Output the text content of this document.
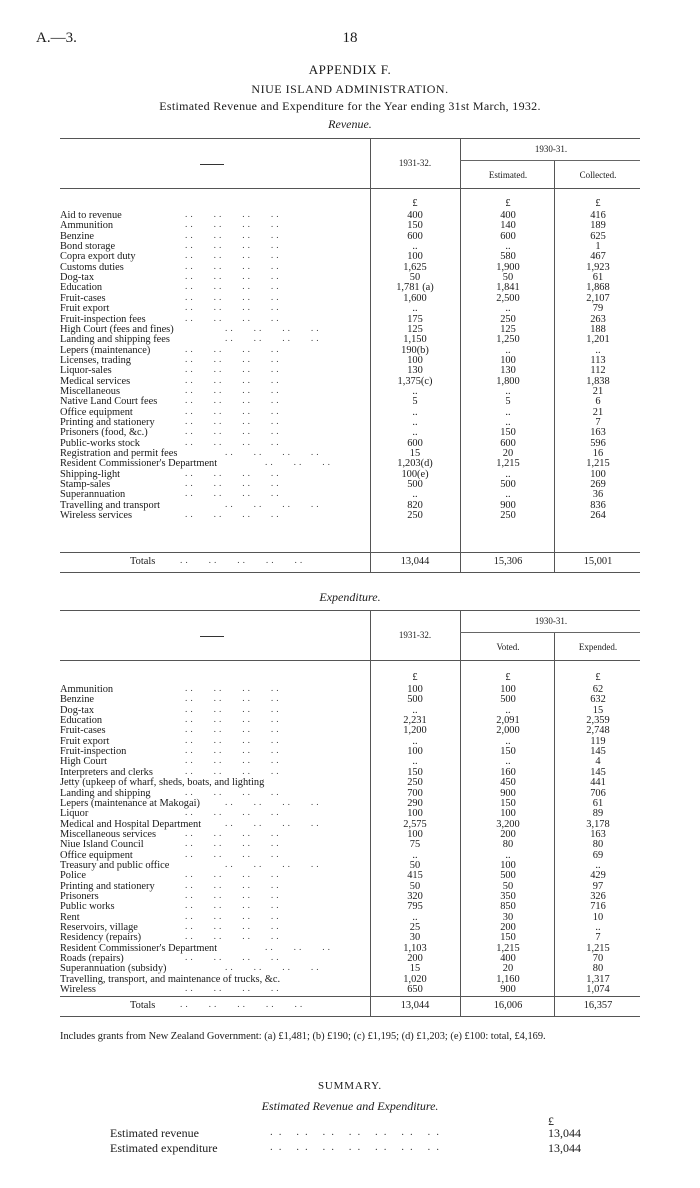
A.—3.	18
APPENDIX F.
NIUE ISLAND ADMINISTRATION.
Estimated Revenue and Expenditure for the Year ending 31st March, 1932.
Revenue.
1931-32.
1930-31.
Estimated.	Collected.
£	£	£
Aid to revenue	..  ..  ..  ..	400	400	416
Ammunition	..  ..  ..  ..	150	140	189
Benzine	..  ..  ..  ..	600	600	625
Bond storage	..  ..  ..  ..	..	..	1
Copra export duty	..  ..  ..  ..	100	580	467
Customs duties	..  ..  ..  ..	1,625	1,900	1,923
Dog-tax	..  ..  ..  ..	50	50	61
Education	..  ..  ..  ..	1,781 (a)	1,841	1,868
Fruit-cases	..  ..  ..  ..	1,600	2,500	2,107
Fruit export	..  ..  ..  ..	..	..	79
Fruit-inspection fees	..  ..  ..  ..	175	250	263
High Court (fees and fines)	..  ..  ..  ..	125	125	188
Landing and shipping fees	..  ..  ..  ..	1,150	1,250	1,201
Lepers (maintenance)	..  ..  ..  ..	190(b)	..	..
Licenses, trading	..  ..  ..  ..	100	100	113
Liquor-sales	..  ..  ..  ..	130	130	112
Medical services	..  ..  ..  ..	1,375(c)	1,800	1,838
Miscellaneous	..  ..  ..  ..	..	..	21
Native Land Court fees	..  ..  ..  ..	5	5	6
Office equipment	..  ..  ..  ..	..	..	21
Printing and stationery	..  ..  ..  ..	..	..	7
Prisoners (food, &c.)	..  ..  ..  ..	..	150	163
Public-works stock	..  ..  ..  ..	600	600	596
Registration and permit fees	..  ..  ..  ..	15	20	16
Resident Commissioner's Department	..  ..  ..	1,203(d)	1,215	1,215
Shipping-light	..  ..  ..  ..	100(e)	..	100
Stamp-sales	..  ..  ..  ..	500	500	269
Superannuation	..  ..  ..  ..	..	..	36
Travelling and transport	..  ..  ..  ..	820	900	836
Wireless services	..  ..  ..  ..	250	250	264
Totals	..  ..  ..  ..  ..	13,044	15,306	15,001
Expenditure.
1931-32.
1930-31.
Voted.	Expended.
£	£	£
Ammunition	..  ..  ..  ..	100	100	62
Benzine	..  ..  ..  ..	500	500	632
Dog-tax	..  ..  ..  ..	..	..	15
Education	..  ..  ..  ..	2,231	2,091	2,359
Fruit-cases	..  ..  ..  ..	1,200	2,000	2,748
Fruit export	..  ..  ..  ..	..	..	119
Fruit-inspection	..  ..  ..  ..	100	150	145
High Court	..  ..  ..  ..	..	..	4
Interpreters and clerks	..  ..  ..  ..	150	160	145
Jetty (upkeep of wharf, sheds, boats, and lighting	250	450	441
Landing and shipping	..  ..  ..  ..	700	900	706
Lepers (maintenance at Makogai)	..  ..  ..  ..	290	150	61
Liquor	..  ..  ..  ..	100	100	89
Medical and Hospital Department	..  ..  ..  ..	2,575	3,200	3,178
Miscellaneous services	..  ..  ..  ..	100	200	163
Niue Island Council	..  ..  ..  ..	75	80	80
Office equipment	..  ..  ..  ..	..	..	69
Treasury and public office	..  ..  ..  ..	50	100	..
Police	..  ..  ..  ..	415	500	429
Printing and stationery	..  ..  ..  ..	50	50	97
Prisoners	..  ..  ..  ..	320	350	326
Public works	..  ..  ..  ..	795	850	716
Rent	..  ..  ..  ..	..	30	10
Reservoirs, village	..  ..  ..  ..	25	200	..
Residency (repairs)	..  ..  ..  ..	30	150	7
Resident Commissioner's Department	..  ..  ..	1,103	1,215	1,215
Roads (repairs)	..  ..  ..  ..	200	400	70
Superannuation (subsidy)	..  ..  ..  ..	15	20	80
Travelling, transport, and maintenance of trucks, &c.	1,020	1,160	1,317
Wireless	..  ..  ..  ..	650	900	1,074
Totals	..  ..  ..  ..  ..	13,044	16,006	16,357
Includes grants from New Zealand Government: (a) £1,481; (b) £190; (c) £1,195; (d) £1,203; (e) £100: total, £4,169.
SUMMARY.
Estimated Revenue and Expenditure.
£
Estimated revenue	.. .. .. .. .. .. ..	13,044
Estimated expenditure	.. .. .. .. .. .. ..	13,044
